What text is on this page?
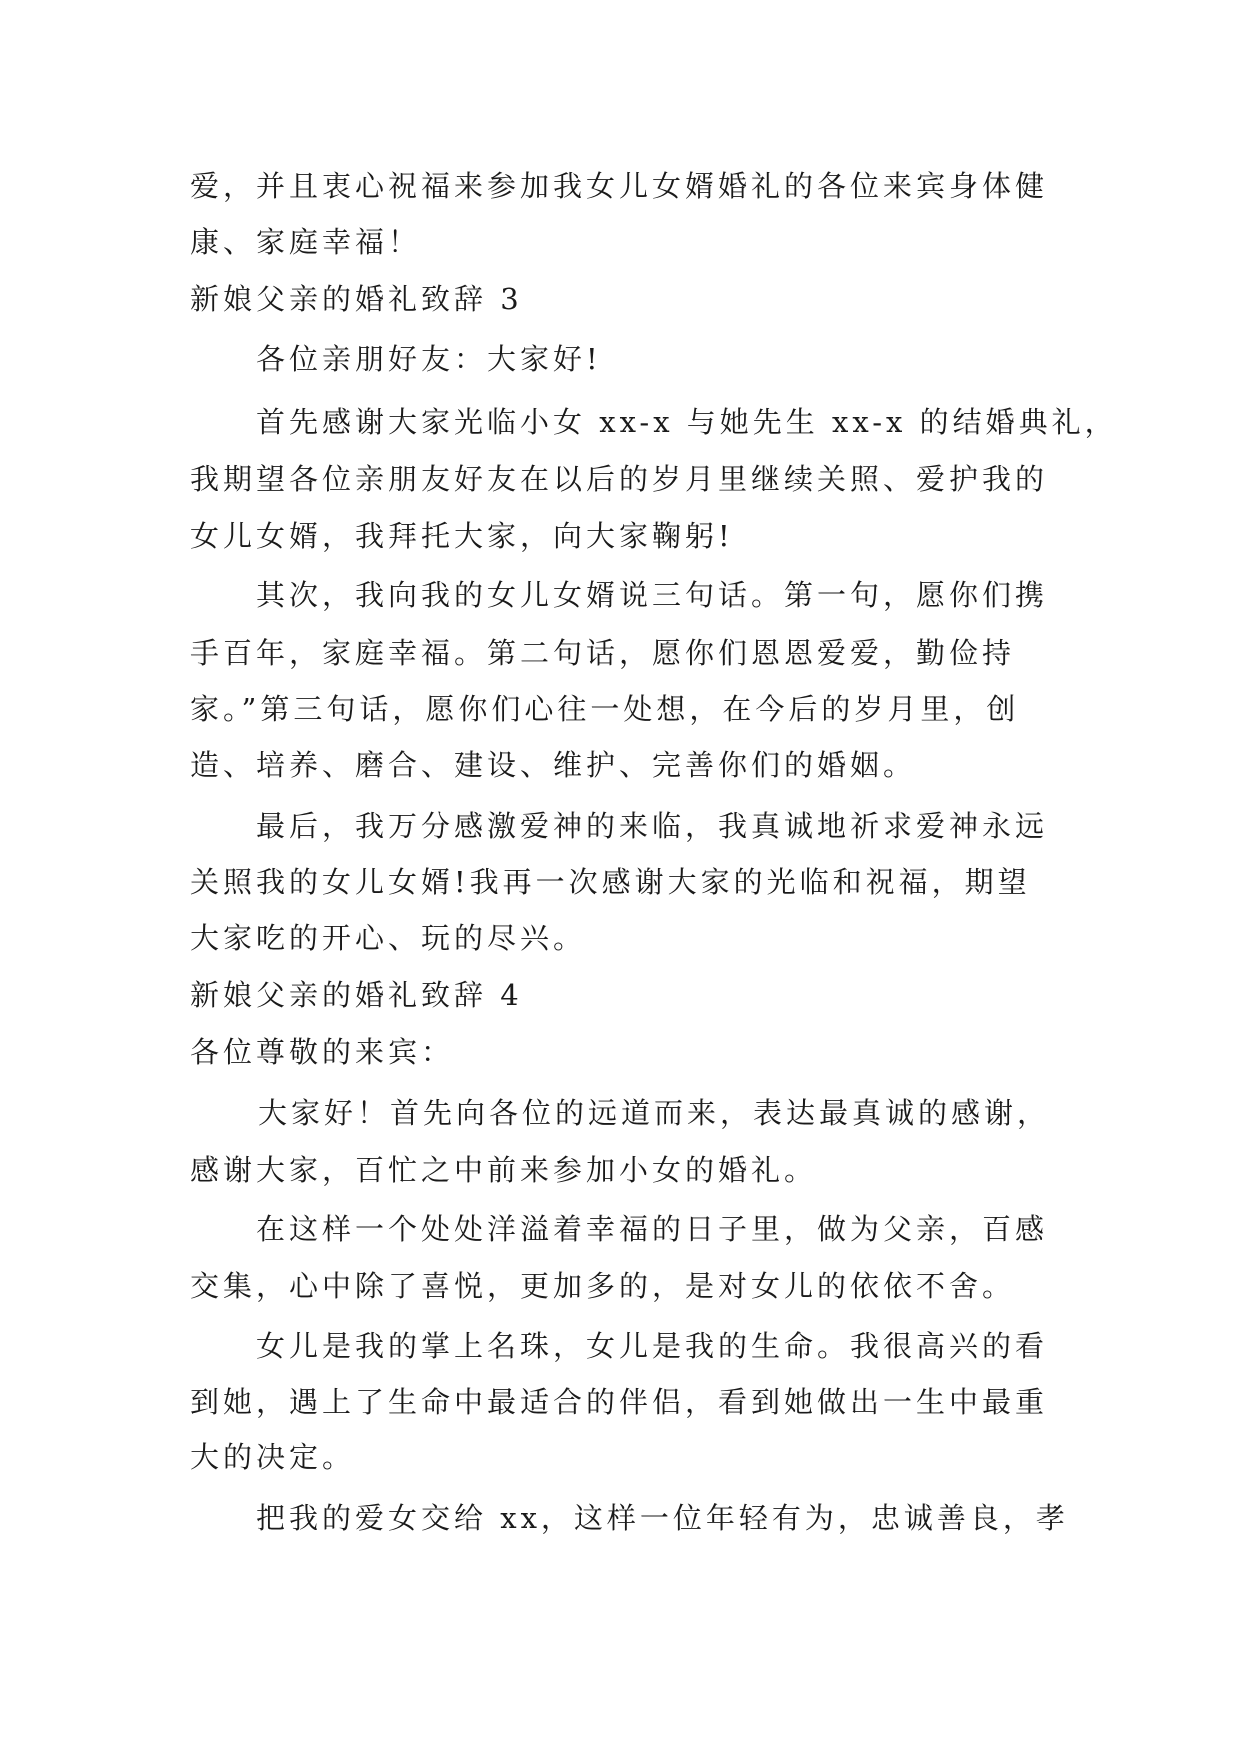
爱，并且衷心祝福来参加我女儿女婿婚礼的各位来宾身体健
康、家庭幸福！
新娘父亲的婚礼致辞 3
各位亲朋好友：大家好!
首先感谢大家光临小女 xx-x 与她先生 xx-x 的结婚典礼，
我期望各位亲朋友好友在以后的岁月里继续关照、爱护我的
女儿女婿，我拜托大家，向大家鞠躬!
其次，我向我的女儿女婿说三句话。第一句，愿你们携
手百年，家庭幸福。第二句话，愿你们恩恩爱爱，勤俭持
家。”第三句话，愿你们心往一处想，在今后的岁月里，创
造、培养、磨合、建设、维护、完善你们的婚姻。
最后，我万分感激爱神的来临，我真诚地祈求爱神永远
关照我的女儿女婿!我再一次感谢大家的光临和祝福，期望
大家吃的开心、玩的尽兴。
新娘父亲的婚礼致辞 4
各位尊敬的来宾：
大家好！首先向各位的远道而来，表达最真诚的感谢，
感谢大家，百忙之中前来参加小女的婚礼。
在这样一个处处洋溢着幸福的日子里，做为父亲，百感
交集，心中除了喜悦，更加多的，是对女儿的依依不舍。
女儿是我的掌上名珠，女儿是我的生命。我很高兴的看
到她，遇上了生命中最适合的伴侣，看到她做出一生中最重
大的决定。
把我的爱女交给 xx，这样一位年轻有为，忠诚善良，孝
